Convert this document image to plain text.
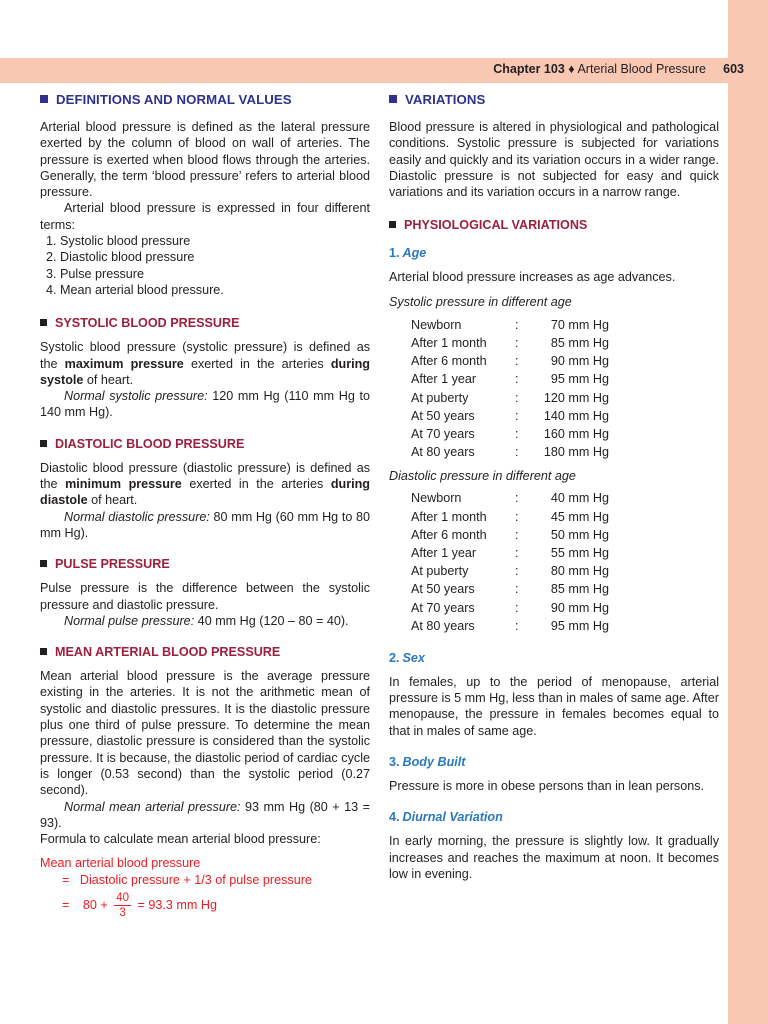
Chapter 103 ♦ Arterial Blood Pressure 603
DEFINITIONS AND NORMAL VALUES

Arterial blood pressure is defined as the lateral pressure exerted by the column of blood on wall of arteries. The pressure is exerted when blood flows through the arteries. Generally, the term ‘blood pressure’ refers to arterial blood pressure.

Arterial blood pressure is expressed in four different terms:

1. Systolic blood pressure
2. Diastolic blood pressure
3. Pulse pressure
4. Mean arterial blood pressure.
SYSTOLIC BLOOD PRESSURE

Systolic blood pressure (systolic pressure) is defined as the maximum pressure exerted in the arteries during systole of heart.

Normal systolic pressure: 120 mm Hg (110 mm Hg to 140 mm Hg).

DIASTOLIC BLOOD PRESSURE

Diastolic blood pressure (diastolic pressure) is defined as the minimum pressure exerted in the arteries during diastole of heart.

Normal diastolic pressure: 80 mm Hg (60 mm Hg to 80 mm Hg).

PULSE PRESSURE

Pulse pressure is the difference between the systolic pressure and diastolic pressure.

Normal pulse pressure: 40 mm Hg (120 – 80 = 40).

MEAN ARTERIAL BLOOD PRESSURE

Mean arterial blood pressure is the average pressure existing in the arteries. It is not the arithmetic mean of systolic and diastolic pressures. It is the diastolic pressure plus one third of pulse pressure. To determine the mean pressure, diastolic pressure is considered than the systolic pressure. It is because, the diastolic period of cardiac cycle is longer (0.53 second) than the systolic period (0.27 second).

Normal mean arterial pressure: 93 mm Hg (80 + 13 = 93).

Formula to calculate mean arterial blood pressure:

Mean arterial blood pressure
=   Diastolic pressure + 1/3 of pulse pressure
= $80 + \frac{40}{3} = 93.3$ mm Hg
VARIATIONS

Blood pressure is altered in physiological and pathological conditions. Systolic pressure is subjected for variations easily and quickly and its variation occurs in a wider range. Diastolic pressure is not subjected for easy and quick variations and its variation occurs in a narrow range.

PHYSIOLOGICAL VARIATIONS
1. Age

Arterial blood pressure increases as age advances.

Systolic pressure in different age
Newborn	:	70 mm Hg
After 1 month	:	85 mm Hg
After 6 month	:	90 mm Hg
After 1 year	:	95 mm Hg
At puberty	:	120 mm Hg
At 50 years	:	140 mm Hg
At 70 years	:	160 mm Hg
At 80 years	:	180 mm Hg
Diastolic pressure in different age
Newborn	:	40 mm Hg
After 1 month	:	45 mm Hg
After 6 month	:	50 mm Hg
After 1 year	:	55 mm Hg
At puberty	:	80 mm Hg
At 50 years	:	85 mm Hg
At 70 years	:	90 mm Hg
At 80 years	:	95 mm Hg
2. Sex

In females, up to the period of menopause, arterial pressure is 5 mm Hg, less than in males of same age. After menopause, the pressure in females becomes equal to that in males of same age.

3. Body Built

Pressure is more in obese persons than in lean persons.

4. Diurnal Variation

In early morning, the pressure is slightly low. It gradually increases and reaches the maximum at noon. It becomes low in evening.
